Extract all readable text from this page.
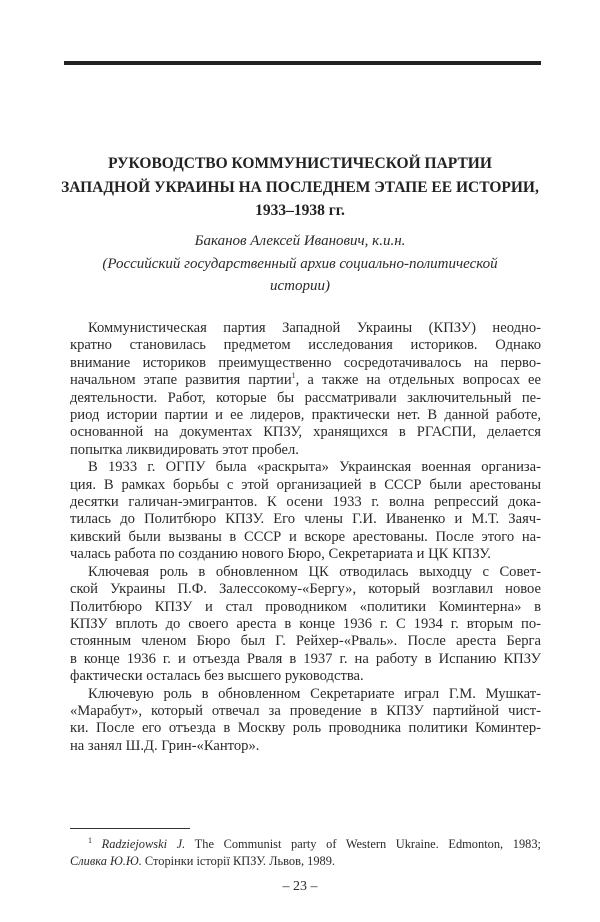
РУКОВОДСТВО КОММУНИСТИЧЕСКОЙ ПАРТИИ
ЗАПАДНОЙ УКРАИНЫ НА ПОСЛЕДНЕМ ЭТАПЕ ЕЕ ИСТОРИИ,
1933–1938 гг.
Баканов Алексей Иванович, к.и.н.
(Российский государственный архив социально-политической
истории)
Коммунистическая партия Западной Украины (КПЗУ) неодно-
кратно становилась предметом исследования историков. Однако
внимание историков преимущественно сосредотачивалось на перво-
начальном этапе развития партии$^1$, а также на отдельных вопросах ее
деятельности. Работ, которые бы рассматривали заключительный пе-
риод истории партии и ее лидеров, практически нет. В данной работе,
основанной на документах КПЗУ, хранящихся в РГАСПИ, делается
попытка ликвидировать этот пробел.
В 1933 г. ОГПУ была «раскрыта» Украинская военная организа-
ция. В рамках борьбы с этой организацией в СССР были арестованы
десятки галичан-эмигрантов. К осени 1933 г. волна репрессий дока-
тилась до Политбюро КПЗУ. Его члены Г.И. Иваненко и М.Т. Заяч-
кивский были вызваны в СССР и вскоре арестованы. После этого на-
чалась работа по созданию нового Бюро, Секретариата и ЦК КПЗУ.
Ключевая роль в обновленном ЦК отводилась выходцу с Совет-
ской Украины П.Ф. Залессокому-«Бергу», который возглавил новое
Политбюро КПЗУ и стал проводником «политики Коминтерна» в
КПЗУ вплоть до своего ареста в конце 1936 г. С 1934 г. вторым по-
стоянным членом Бюро был Г. Рейхер-«Рваль». После ареста Берга
в конце 1936 г. и отъезда Рваля в 1937 г. на работу в Испанию КПЗУ
фактически осталась без высшего руководства.
Ключевую роль в обновленном Секретариате играл Г.М. Мушкат-
«Марабут», который отвечал за проведение в КПЗУ партийной чист-
ки. После его отъезда в Москву роль проводника политики Коминтер-
на занял Ш.Д. Грин-«Кантор».
$^1$ Radziejowski J. The Communist party of Western Ukraine. Edmonton, 1983;
Сливка Ю.Ю. Сторінки історії КПЗУ. Львов, 1989.
– 23 –
